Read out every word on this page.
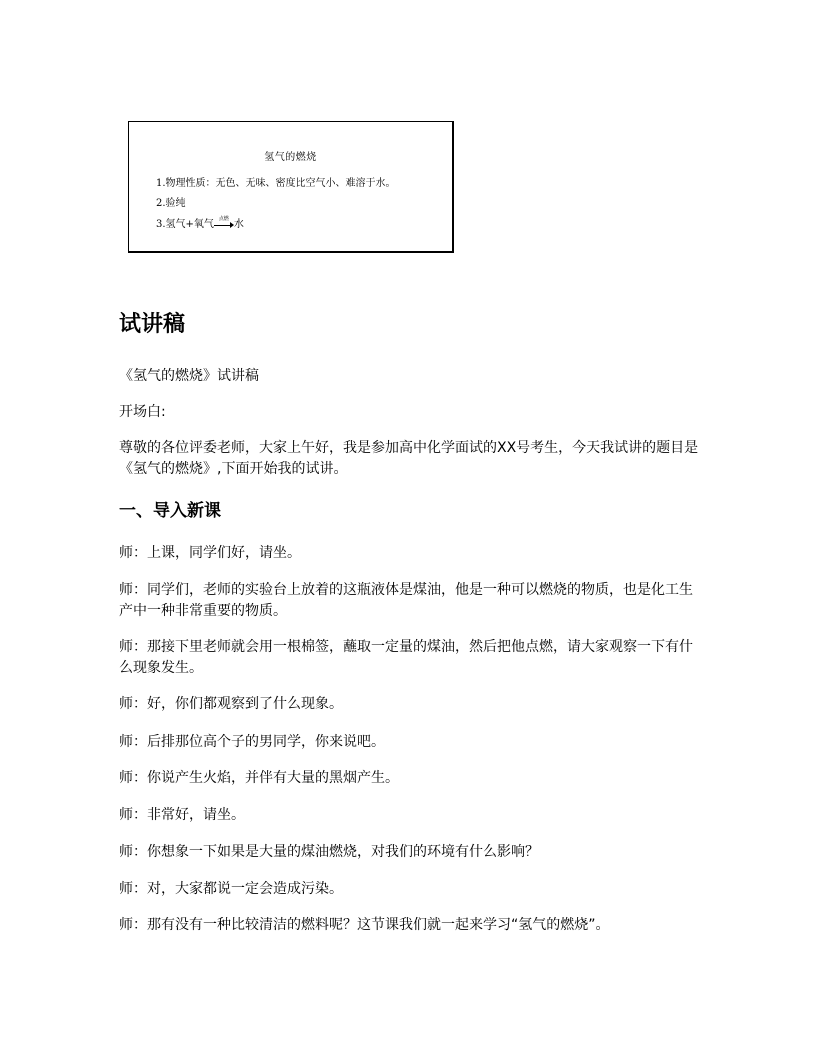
氢气的燃烧
1.物理性质：无色、无味、密度比空气小、难溶于水。
2.验纯
3.氢气+氧气
点燃
水
试讲稿

《氢气的燃烧》试讲稿

开场白:

尊敬的各位评委老师，大家上午好，我是参加高中化学面试的XX号考生，今天我试讲的题目是《氢气的燃烧》,下面开始我的试讲。

一、导入新课

师：上课，同学们好，请坐。

师：同学们，老师的实验台上放着的这瓶液体是煤油，他是一种可以燃烧的物质，也是化工生产中一种非常重要的物质。

师：那接下里老师就会用一根棉签，蘸取一定量的煤油，然后把他点燃，请大家观察一下有什么现象发生。

师：好，你们都观察到了什么现象。

师：后排那位高个子的男同学，你来说吧。

师：你说产生火焰，并伴有大量的黑烟产生。

师：非常好，请坐。

师：你想象一下如果是大量的煤油燃烧，对我们的环境有什么影响？

师：对，大家都说一定会造成污染。

师：那有没有一种比较清洁的燃料呢？这节课我们就一起来学习“氢气的燃烧”。
